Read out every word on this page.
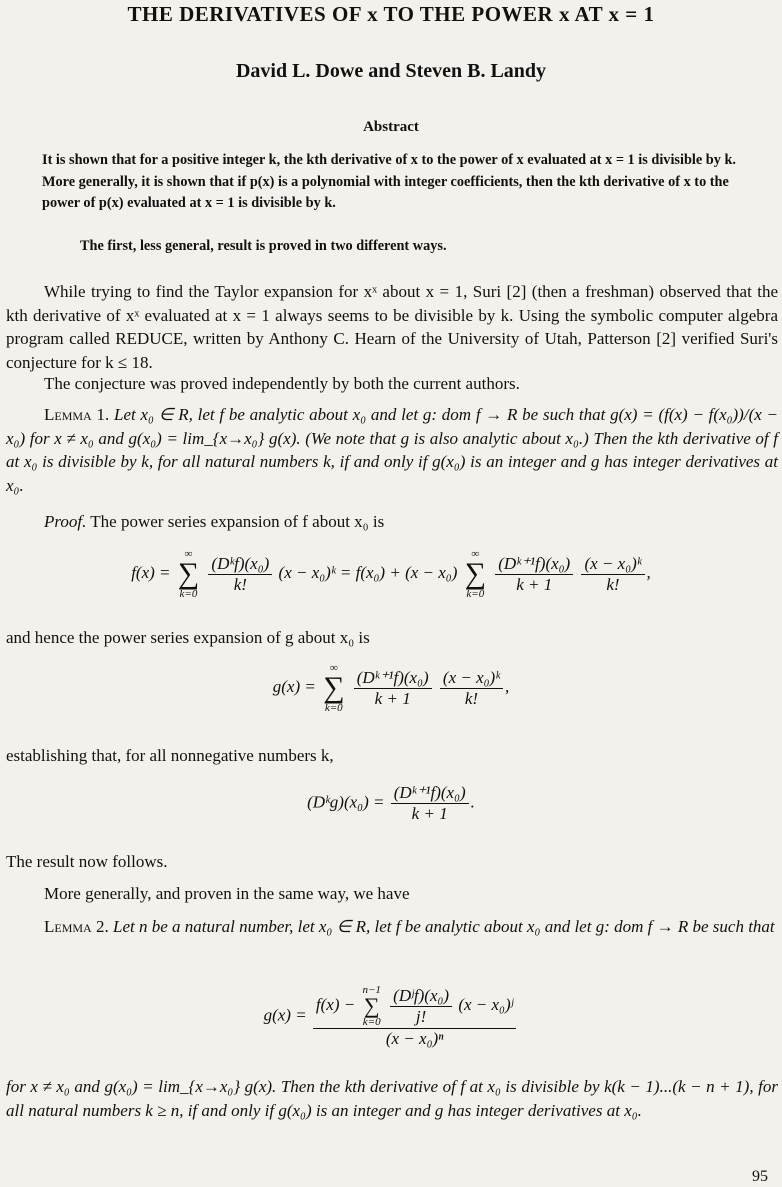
THE DERIVATIVES OF x TO THE POWER x AT x = 1
David L. Dowe and Steven B. Landy
Abstract
It is shown that for a positive integer k, the kth derivative of x to the power of x evaluated at x = 1 is divisible by k. More generally, it is shown that if p(x) is a polynomial with integer coefficients, then the kth derivative of x to the power of p(x) evaluated at x = 1 is divisible by k.
The first, less general, result is proved in two different ways.
While trying to find the Taylor expansion for xˣ about x = 1, Suri [2] (then a freshman) observed that the kth derivative of xˣ evaluated at x = 1 always seems to be divisible by k. Using the symbolic computer algebra program called REDUCE, written by Anthony C. Hearn of the University of Utah, Patterson [2] verified Suri's conjecture for k ≤ 18.
The conjecture was proved independently by both the current authors.
Lemma 1. Let x₀ ∈ R, let f be analytic about x₀ and let g: dom f → R be such that g(x) = (f(x) − f(x₀))/(x − x₀) for x ≠ x₀ and g(x₀) = lim_{x→x₀} g(x). (We note that g is also analytic about x₀.) Then the kth derivative of f at x₀ is divisible by k, for all natural numbers k, if and only if g(x₀) is an integer and g has integer derivatives at x₀.
Proof. The power series expansion of f about x₀ is
f(x) =
∞
∑
k=0
$\frac{\text{(Dᵏf)(x₀)}}{k!} (x$ − x₀)ᵏ = f(x₀) + (x − x₀)
∞
∑
k=0
$\frac{\text{(Dᵏ⁺¹f)(x₀)}}{k + 1}$
$\frac{\text{(x − x₀)ᵏ}}{k!}$ ,
and hence the power series expansion of g about x₀ is
g(x) =
∞
∑
k=0
$\frac{\text{(Dᵏ⁺¹f)(x₀)}}{k + 1}$
$\frac{\text{(x − x₀)ᵏ}}{k!}$ ,
establishing that, for all nonnegative numbers k,
(Dᵏg)(x₀) = $\frac{\text{(Dᵏ⁺¹f)(x₀)}}{k + 1}$ .
The result now follows.
More generally, and proven in the same way, we have
Lemma 2. Let n be a natural number, let x₀ ∈ R, let f be analytic about x₀ and let g: dom f → R be such that
g(x) =
f(x) −
n−1
∑
k=0
$\frac{\text{(Dʲf)(x₀)}}{j!} (x$ − x₀)ʲ
(x − x₀)ⁿ
for x ≠ x₀ and g(x₀) = lim_{x→x₀} g(x). Then the kth derivative of f at x₀ is divisible by k(k − 1)...(k − n + 1), for all natural numbers k ≥ n, if and only if g(x₀) is an integer and g has integer derivatives at x₀.
95
